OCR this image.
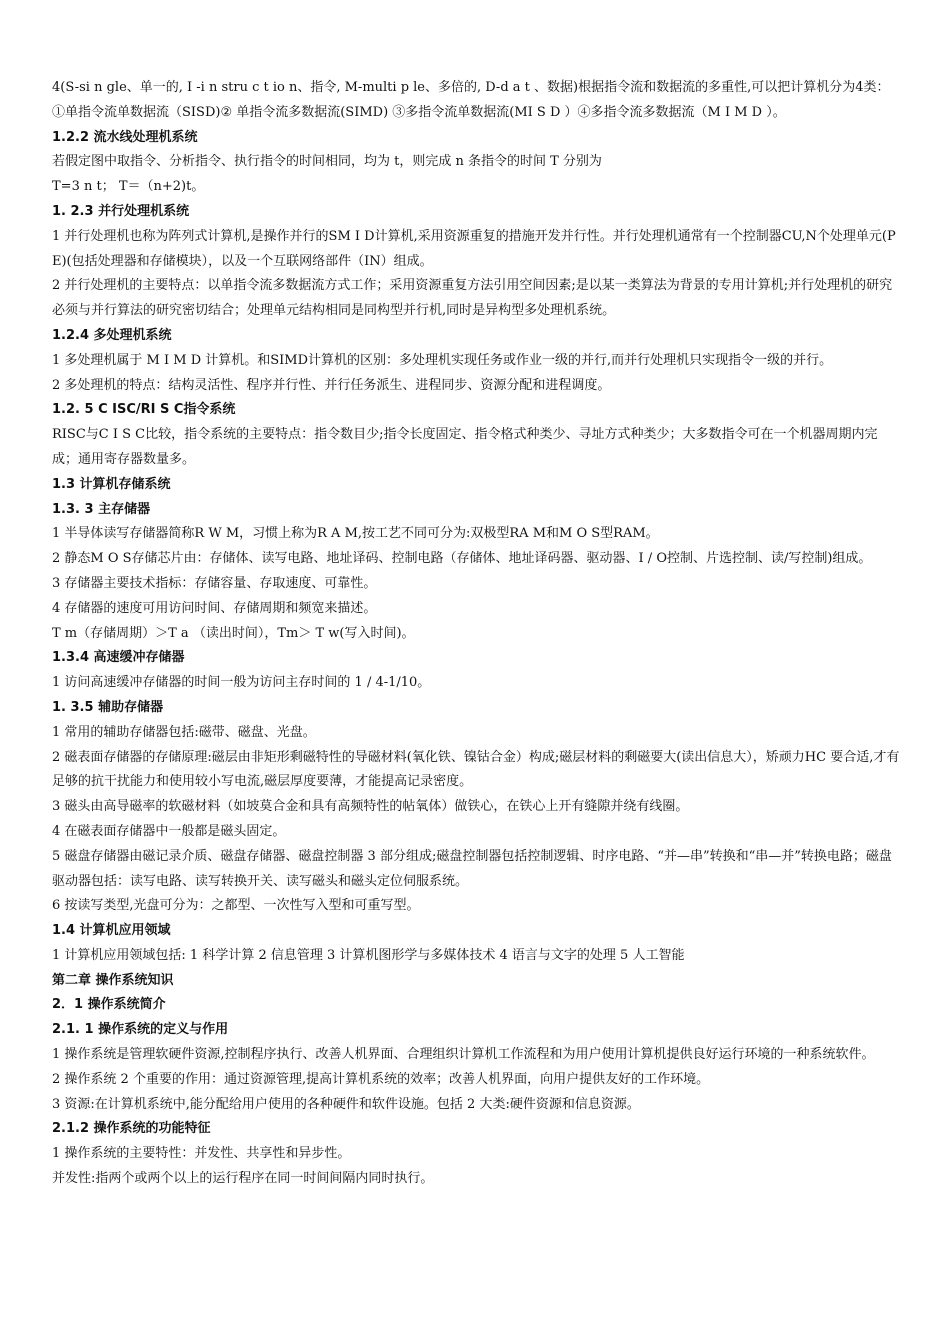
4(S-si n gle、单一的, I -i n stru c t io n、指令, M-multi p le、多倍的, D-d a t 、数据)根据指令流和数据流的多重性,可以把计算机分为4类： ①单指令流单数据流（SISD)② 单指令流多数据流(SIMD) ③多指令流单数据流(MI S D ）④多指令流多数据流（M I M D ）。
1.2.2 流水线处理机系统
若假定图中取指令、分析指令、执行指令的时间相同，均为 t，则完成 n 条指令的时间 T 分别为
T=3 n t； T＝（n+2)t。
1. 2.3 并行处理机系统
1 并行处理机也称为阵列式计算机,是操作并行的SM I D计算机,采用资源重复的措施开发并行性。并行处理机通常有一个控制器CU,N个处理单元(P E)(包括处理器和存储模块），以及一个互联网络部件（IN）组成。
2 并行处理机的主要特点：以单指令流多数据流方式工作；采用资源重复方法引用空间因素;是以某一类算法为背景的专用计算机;并行处理机的研究必须与并行算法的研究密切结合；处理单元结构相同是同构型并行机,同时是异构型多处理机系统。
1.2.4 多处理机系统
1 多处理机属于 M I M D 计算机。和SIMD计算机的区别：多处理机实现任务或作业一级的并行,而并行处理机只实现指令一级的并行。
2 多处理机的特点：结构灵活性、程序并行性、并行任务派生、进程同步、资源分配和进程调度。
1.2. 5 C ISC/RI S C指令系统
RISC与C I S C比较，指令系统的主要特点：指令数目少;指令长度固定、指令格式种类少、寻址方式种类少；大多数指令可在一个机器周期内完成；通用寄存器数量多。
1.3 计算机存储系统
1.3. 3 主存储器
1 半导体读写存储器简称R W M，习惯上称为R A M,按工艺不同可分为:双极型RA M和M O S型RAM。
2 静态M O S存储芯片由：存储体、读写电路、地址译码、控制电路（存储体、地址译码器、驱动器、I / O控制、片选控制、读/写控制)组成。
3 存储器主要技术指标：存储容量、存取速度、可靠性。
4 存储器的速度可用访问时间、存储周期和频宽来描述。
T m（存储周期）＞T a （读出时间），Tm＞ T w(写入时间)。
1.3.4 高速缓冲存储器
1 访问高速缓冲存储器的时间一般为访问主存时间的 1 / 4-1/10。
1. 3.5 辅助存储器
1 常用的辅助存储器包括:磁带、磁盘、光盘。
2 磁表面存储器的存储原理:磁层由非矩形剩磁特性的导磁材料(氧化铁、镍钴合金）构成;磁层材料的剩磁要大(读出信息大），矫顽力HC 要合适,才有足够的抗干扰能力和使用较小写电流,磁层厚度要薄，才能提高记录密度。
3 磁头由高导磁率的软磁材料（如坡莫合金和具有高频特性的帖氧体）做铁心，在铁心上开有缝隙并绕有线圈。
4 在磁表面存储器中一般都是磁头固定。
5 磁盘存储器由磁记录介质、磁盘存储器、磁盘控制器 3 部分组成;磁盘控制器包括控制逻辑、时序电路、“并—串”转换和“串—并”转换电路；磁盘驱动器包括：读写电路、读写转换开关、读写磁头和磁头定位伺服系统。
6 按读写类型,光盘可分为：之都型、一次性写入型和可重写型。
1.4 计算机应用领域
1 计算机应用领域包括: 1 科学计算 2 信息管理 3 计算机图形学与多媒体技术 4 语言与文字的处理 5 人工智能
第二章 操作系统知识
2．1 操作系统简介
2.1. 1 操作系统的定义与作用
1 操作系统是管理软硬件资源,控制程序执行、改善人机界面、合理组织计算机工作流程和为用户使用计算机提供良好运行环境的一种系统软件。
2 操作系统 2 个重要的作用：通过资源管理,提高计算机系统的效率；改善人机界面，向用户提供友好的工作环境。
3 资源:在计算机系统中,能分配给用户使用的各种硬件和软件设施。包括 2 大类:硬件资源和信息资源。
2.1.2 操作系统的功能特征
1 操作系统的主要特性：并发性、共享性和异步性。
并发性:指两个或两个以上的运行程序在同一时间间隔内同时执行。
